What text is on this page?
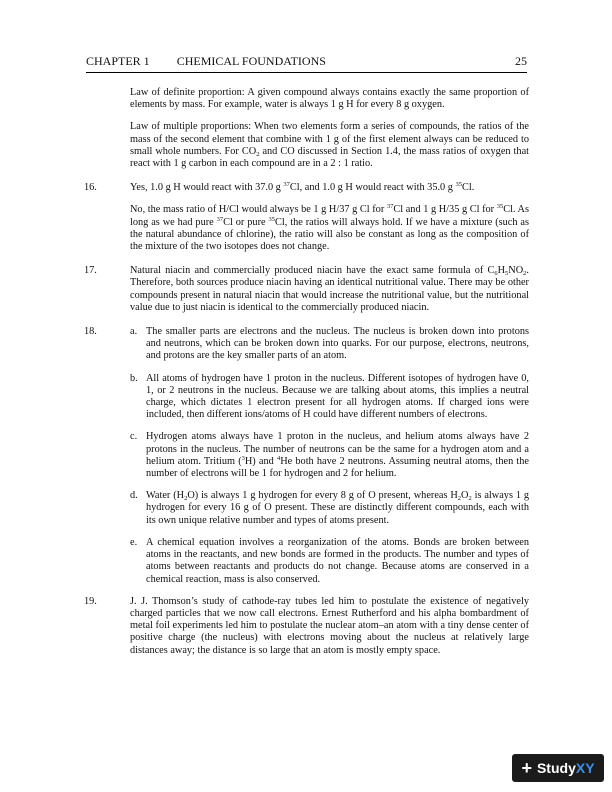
CHAPTER 1 CHEMICAL FOUNDATIONS	25

Law of definite proportion: A given compound always contains exactly the same proportion of elements by mass. For example, water is always 1 g H for every 8 g oxygen.

Law of multiple proportions: When two elements form a series of compounds, the ratios of the mass of the second element that combine with 1 g of the first element always can be reduced to small whole numbers. For $CO_2$ and CO discussed in Section 1.4, the mass ratios of oxygen that react with 1 g carbon in each compound are in a 2 : 1 ratio.

16.	Yes, 1.0 g H would react with 37.0 g $^{37}$Cl, and 1.0 g H would react with 35.0 g $^{35}$Cl.

No, the mass ratio of H/Cl would always be 1 g H/37 g Cl for $^{37}$Cl and 1 g H/35 g Cl for $^{35}$Cl. As long as we had pure $^{37}$Cl or pure $^{35}$Cl, the ratios will always hold. If we have a mixture (such as the natural abundance of chlorine), the ratio will also be constant as long as the composition of the mixture of the two isotopes does not change.

17.	Natural niacin and commercially produced niacin have the exact same formula of $C_6H_5NO_2$. Therefore, both sources produce niacin having an identical nutritional value. There may be other compounds present in natural niacin that would increase the nutritional value, but the nutritional value due to just niacin is identical to the commercially produced niacin.

18.	a. The smaller parts are electrons and the nucleus. The nucleus is broken down into protons and neutrons, which can be broken down into quarks. For our purpose, electrons, neutrons, and protons are the key smaller parts of an atom.
b. All atoms of hydrogen have 1 proton in the nucleus. Different isotopes of hydrogen have 0, 1, or 2 neutrons in the nucleus. Because we are talking about atoms, this implies a neutral charge, which dictates 1 electron present for all hydrogen atoms. If charged ions were included, then different ions/atoms of H could have different numbers of electrons.
c. Hydrogen atoms always have 1 proton in the nucleus, and helium atoms always have 2 protons in the nucleus. The number of neutrons can be the same for a hydrogen atom and a helium atom. Tritium ($^3$H) and $^4$He both have 2 neutrons. Assuming neutral atoms, then the number of electrons will be 1 for hydrogen and 2 for helium.
d. Water $(H_2O)$ is always 1 g hydrogen for every 8 g of O present, whereas $H_2O_2$ is always 1 g hydrogen for every 16 g of O present. These are distinctly different compounds, each with its own unique relative number and types of atoms present.
e. A chemical equation involves a reorganization of the atoms. Bonds are broken between atoms in the reactants, and new bonds are formed in the products. The number and types of atoms between reactants and products do not change. Because atoms are conserved in a chemical reaction, mass is also conserved.
19.	J. J. Thomson’s study of cathode-ray tubes led him to postulate the existence of negatively charged particles that we now call electrons. Ernest Rutherford and his alpha bombardment of metal foil experiments led him to postulate the nuclear atom–an atom with a tiny dense center of positive charge (the nucleus) with electrons moving about the nucleus at relatively large distances away; the distance is so large that an atom is mostly empty space.

+ Study XY
